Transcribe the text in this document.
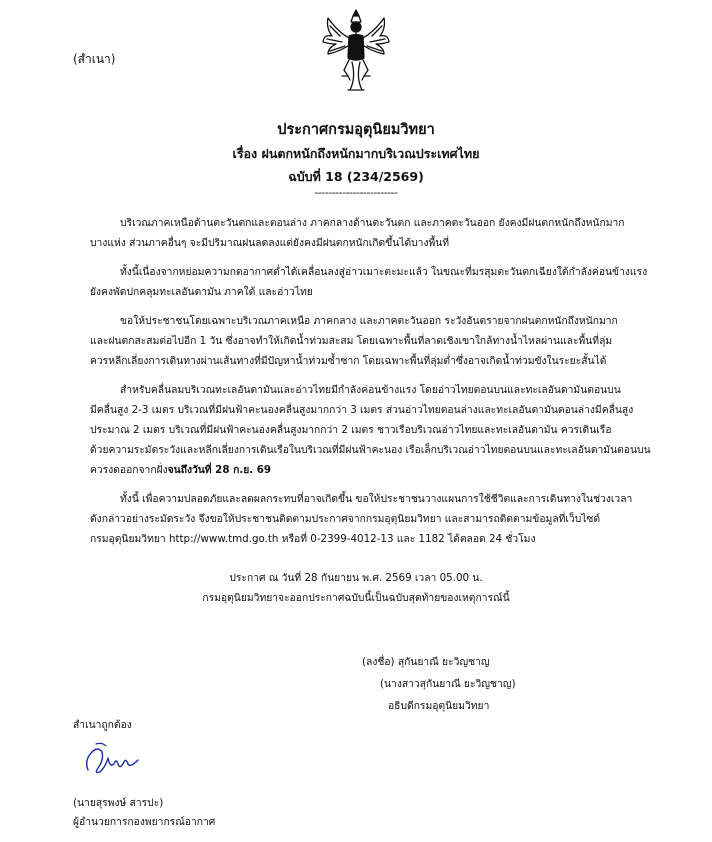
(สำเนา)
ประกาศกรมอุตุนิยมวิทยา
เรื่อง ฝนตกหนักถึงหนักมากบริเวณประเทศไทย
ฉบับที่ 18 (234/2569)
------------------------
บริเวณภาคเหนือด้านตะวันตกและตอนล่าง ภาคกลางด้านตะวันตก และภาคตะวันออก ยังคงมีฝนตกหนักถึงหนักมาก
บางแห่ง ส่วนภาคอื่นๆ จะมีปริมาณฝนลดลงแต่ยังคงมีฝนตกหนักเกิดขึ้นได้บางพื้นที่
ทั้งนี้เนื่องจากหย่อมความกดอากาศต่ำได้เคลื่อนลงสู่อ่าวเมาะตะมะแล้ว ในขณะที่มรสุมตะวันตกเฉียงใต้กำลังค่อนข้างแรง
ยังคงพัดปกคลุมทะเลอันดามัน ภาคใต้ และอ่าวไทย
ขอให้ประชาชนโดยเฉพาะบริเวณภาคเหนือ ภาคกลาง และภาคตะวันออก ระวังอันตรายจากฝนตกหนักถึงหนักมาก
และฝนตกสะสมต่อไปอีก 1 วัน ซึ่งอาจทำให้เกิดน้ำท่วมสะสม โดยเฉพาะพื้นที่ลาดเชิงเขาใกล้ทางน้ำไหลผ่านและพื้นที่ลุ่ม
ควรหลีกเลี่ยงการเดินทางผ่านเส้นทางที่มีปัญหาน้ำท่วมซ้ำซาก โดยเฉพาะพื้นที่ลุ่มต่ำซึ่งอาจเกิดน้ำท่วมขังในระยะสั้นได้
สำหรับคลื่นลมบริเวณทะเลอันดามันและอ่าวไทยมีกำลังค่อนข้างแรง โดยอ่าวไทยตอนบนและทะเลอันดามันตอนบน
มีคลื่นสูง 2-3 เมตร บริเวณที่มีฝนฟ้าคะนองคลื่นสูงมากกว่า 3 เมตร ส่วนอ่าวไทยตอนล่างและทะเลอันดามันตอนล่างมีคลื่นสูง
ประมาณ 2 เมตร บริเวณที่มีฝนฟ้าคะนองคลื่นสูงมากกว่า 2 เมตร ชาวเรือบริเวณอ่าวไทยและทะเลอันดามัน ควรเดินเรือ
ด้วยความระมัดระวังและหลีกเลี่ยงการเดินเรือในบริเวณที่มีฝนฟ้าคะนอง เรือเล็กบริเวณอ่าวไทยตอนบนและทะเลอันดามันตอนบน
ควรงดออกจากฝั่งจนถึงวันที่ 28 ก.ย. 69
ทั้งนี้ เพื่อความปลอดภัยและลดผลกระทบที่อาจเกิดขึ้น ขอให้ประชาชนวางแผนการใช้ชีวิตและการเดินทางในช่วงเวลา
ดังกล่าวอย่างระมัดระวัง จึงขอให้ประชาชนติดตามประกาศจากกรมอุตุนิยมวิทยา และสามารถติดตามข้อมูลที่เว็บไซต์
กรมอุตุนิยมวิทยา http://www.tmd.go.th หรือที่ 0-2399-4012-13 และ 1182 ได้ตลอด 24 ชั่วโมง
ประกาศ ณ วันที่ 28 กันยายน พ.ศ. 2569 เวลา 05.00 น.
กรมอุตุนิยมวิทยาจะออกประกาศฉบับนี้เป็นฉบับสุดท้ายของเหตุการณ์นี้
(ลงชื่อ) สุกันยาณี ยะวิญชาญ
(นางสาวสุกันยาณี ยะวิญชาญ)
อธิบดีกรมอุตุนิยมวิทยา
สำเนาถูกต้อง
(นายสุรพงษ์ สารปะ)
ผู้อำนวยการกองพยากรณ์อากาศ
